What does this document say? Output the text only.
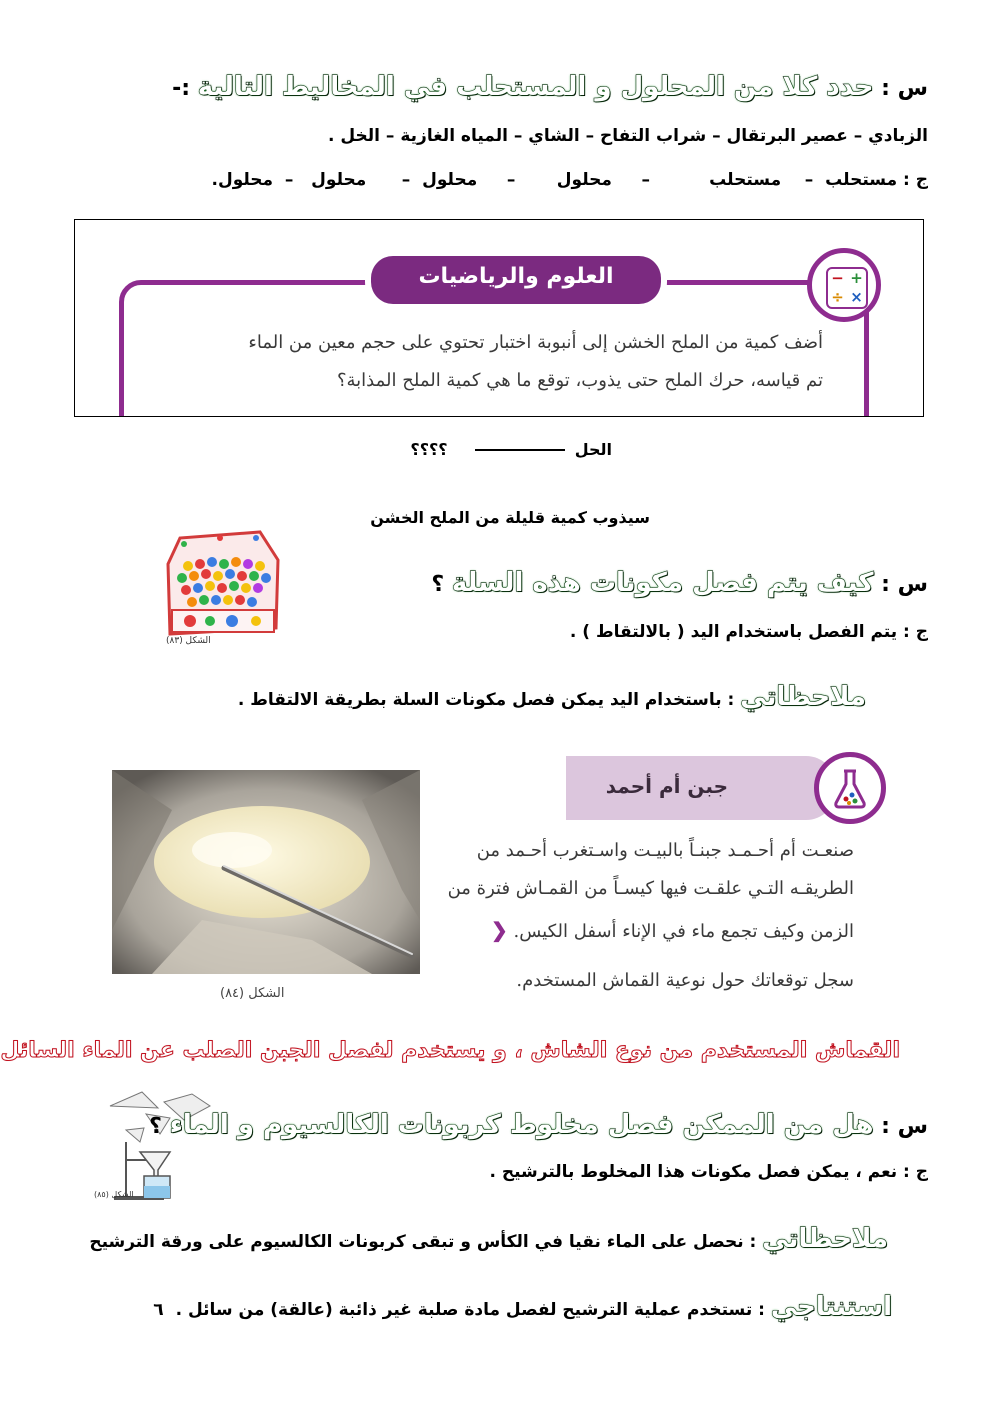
س : حدد كلا من المحلول و المستحلب في المخاليط التالية :-
الزبادي – عصير البرتقال – شراب التفاح – الشاي – المياه الغازية – الخل .
ج : مستحلب  –    مستحلب          –     محلول       –     محلول  –      محلول   –  محلول.
العلوم والرياضيات	+
−
×
÷
أضف كمية من الملح الخشن إلى أنبوبة اختبار تحتوي على حجم معين من الماء
تم قياسه، حرك الملح حتى يذوب، توقع ما هي كمية الملح المذابة؟
الحل  ؟؟؟؟
سيذوب كمية قليلة من الملح الخشن
الشكل (٨٣)
س : كيف يتم فصل مكونات هذه السلة ؟
ج : يتم الفصل باستخدام اليد ( بالالتقاط ) .
ملاحظاتي : باستخدام اليد يمكن فصل مكونات السلة بطريقة الالتقاط .
الشكل (٨٤)
جبن أم أحمد
صنعـت أم أحـمـد جبنـاً بالبيـت واسـتغرب أحـمد من
الطريقـه التـي علقـت فيها كيسـاً من القمـاش فترة من
الزمن وكيف تجمع ماء في الإناء أسفل الكيس. ❮
سجل توقعاتك حول نوعية القماش المستخدم.
القماش المستخدم من نوع الشاش ، و يستخدم لفصل الجبن الصلب عن الماء السائل
الشكل (٨٥)
س : هل من الممكن فصل مخلوط كربونات الكالسيوم و الماء ؟
ج : نعم ، يمكن فصل مكونات هذا المخلوط بالترشيح .
ملاحظاتي : نحصل على الماء نقيا في الكأس و تبقى كربونات الكالسيوم على ورقة الترشيح
استنتاجي : تستخدم عملية الترشيح لفصل مادة صلبة غير ذائبة (عالقة) من سائل . ٦
